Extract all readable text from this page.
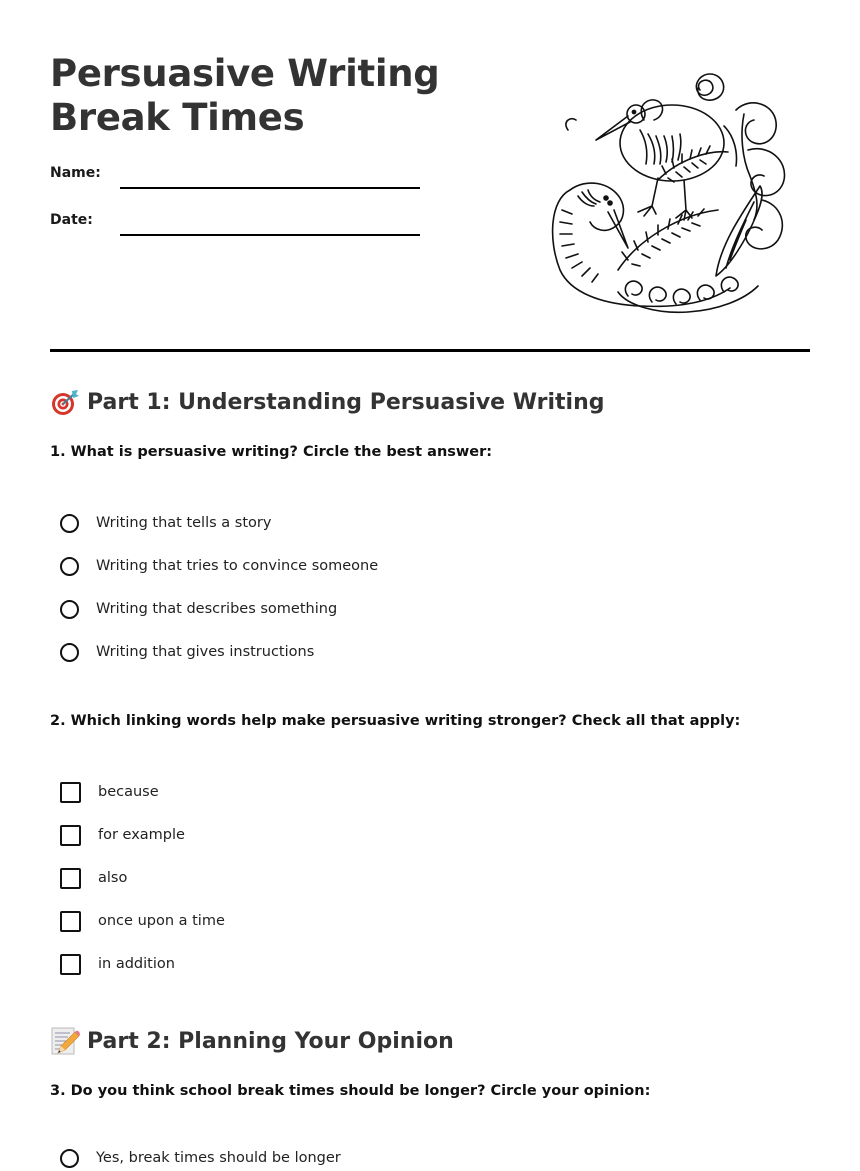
Persuasive Writing
Break Times
Name:
Date:
Part 1: Understanding Persuasive Writing

1. What is persuasive writing? Circle the best answer:

Writing that tells a story
Writing that tries to convince someone
Writing that describes something
Writing that gives instructions

2. Which linking words help make persuasive writing stronger? Check all that apply:

because
for example
also
once upon a time
in addition
Part 2: Planning Your Opinion

3. Do you think school break times should be longer? Circle your opinion:

Yes, break times should be longer
